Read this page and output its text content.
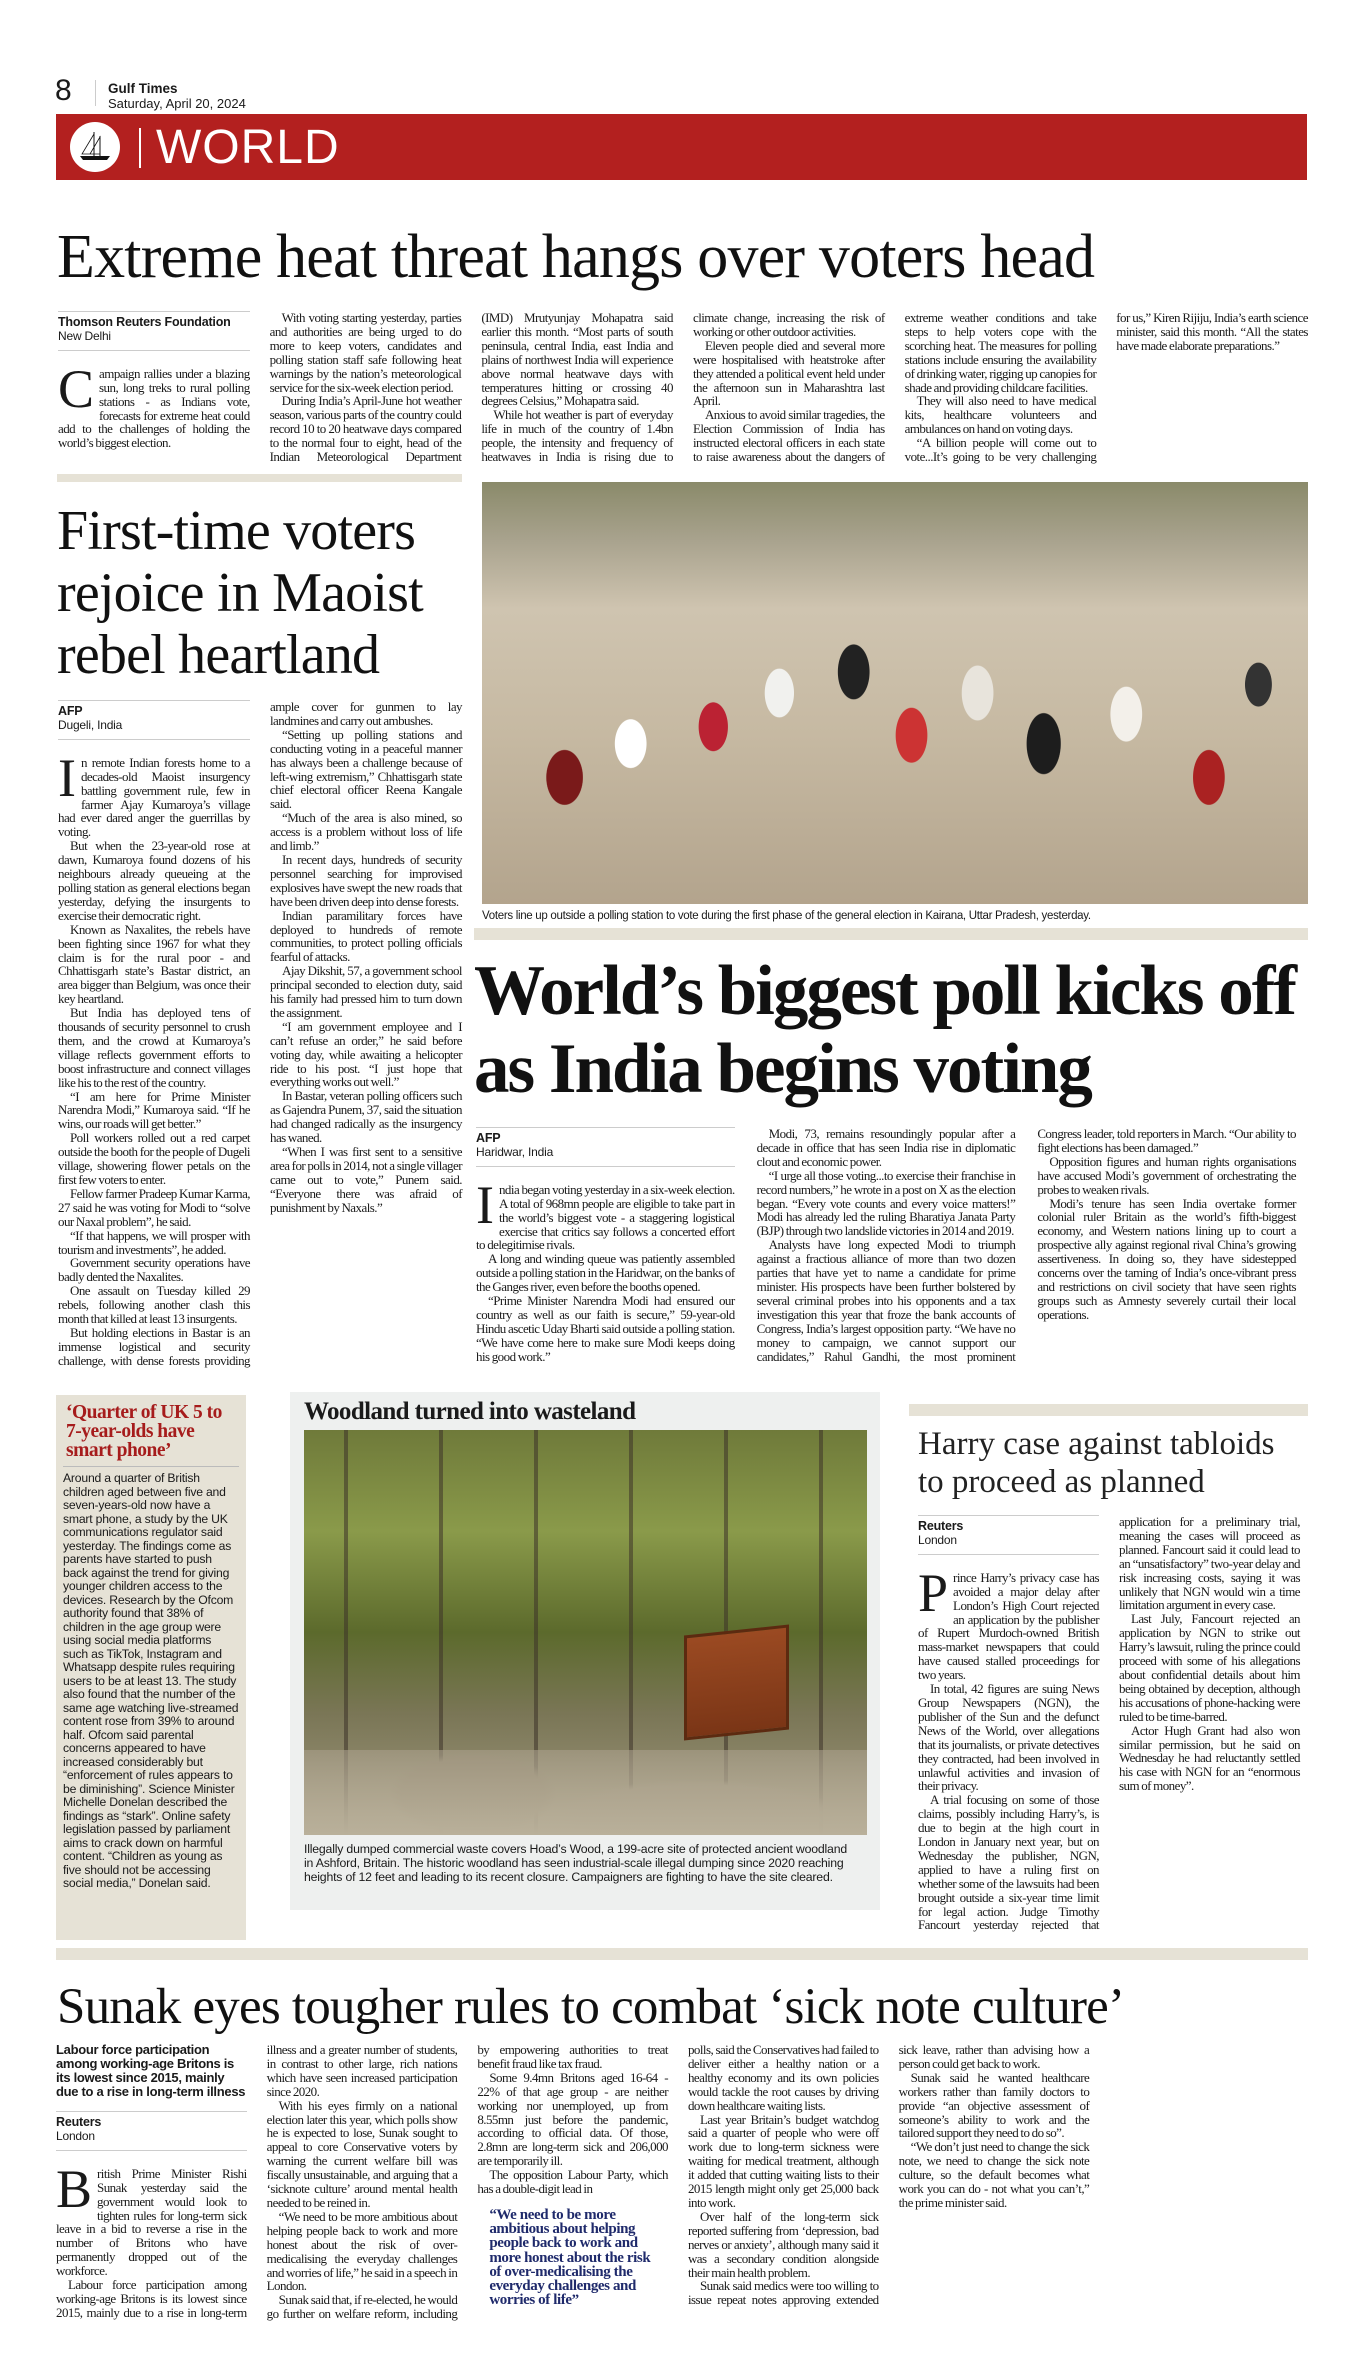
8	Gulf Times
Saturday, April 20, 2024
WORLD
Extreme heat threat hangs over voters head
Thomson Reuters Foundation
New Delhi

Campaign rallies under a blazing sun, long treks to rural polling stations - as Indians vote, forecasts for extreme heat could add to the challenges of holding the world’s biggest election.

With voting starting yesterday, parties and authorities are being urged to do more to keep voters, candidates and polling station staff safe following heat warnings by the nation’s meteorological service for the six-week election period.

During India’s April-June hot weather season, various parts of the country could record 10 to 20 heatwave days compared to the normal four to eight, head of the Indian Meteorological Department (IMD) Mrutyunjay Mohapatra said earlier this month. “Most parts of south peninsula, central India, east India and plains of northwest India will experience above normal heatwave days with temperatures hitting or crossing 40 degrees Celsius,” Mohapatra said.

While hot weather is part of everyday life in much of the country of 1.4bn people, the intensity and frequency of heatwaves in India is rising due to climate change, increasing the risk of working or other outdoor activities.

Eleven people died and several more were hospitalised with heatstroke after they attended a political event held under the afternoon sun in Maharashtra last April.

Anxious to avoid similar tragedies, the Election Commission of India has instructed electoral officers in each state to raise awareness about the dangers of extreme weather conditions and take steps to help voters cope with the scorching heat. The measures for polling stations include ensuring the availability of drinking water, rigging up canopies for shade and providing childcare facilities.

They will also need to have medical kits, healthcare volunteers and ambulances on hand on voting days.

“A billion people will come out to vote...It’s going to be very challenging for us,” Kiren Rijiju, India’s earth science minister, said this month. “All the states have made elaborate preparations.”

First-time voters rejoice in Maoist rebel heartland
AFP
Dugeli, India

In remote Indian forests home to a decades-old Maoist insurgency battling government rule, few in farmer Ajay Kumaroya’s village had ever dared anger the guerrillas by voting.

But when the 23-year-old rose at dawn, Kumaroya found dozens of his neighbours already queueing at the polling station as general elections began yesterday, defying the insurgents to exercise their democratic right.

Known as Naxalites, the rebels have been fighting since 1967 for what they claim is for the rural poor - and Chhattisgarh state’s Bastar district, an area bigger than Belgium, was once their key heartland.

But India has deployed tens of thousands of security personnel to crush them, and the crowd at Kumaroya’s village reflects government efforts to boost infrastructure and connect villages like his to the rest of the country.

“I am here for Prime Minister Narendra Modi,” Kumaroya said. “If he wins, our roads will get better.”

Poll workers rolled out a red carpet outside the booth for the people of Dugeli village, showering flower petals on the first few voters to enter.

Fellow farmer Pradeep Kumar Karma, 27 said he was voting for Modi to “solve our Naxal problem”, he said.

“If that happens, we will prosper with tourism and investments”, he added.

Government security operations have badly dented the Naxalites.

One assault on Tuesday killed 29 rebels, following another clash this month that killed at least 13 insurgents.

But holding elections in Bastar is an immense logistical and security challenge, with dense forests providing ample cover for gunmen to lay landmines and carry out ambushes.

“Setting up polling stations and conducting voting in a peaceful manner has always been a challenge because of left-wing extremism,” Chhattisgarh state chief electoral officer Reena Kangale said.

“Much of the area is also mined, so access is a problem without loss of life and limb.”

In recent days, hundreds of security personnel searching for improvised explosives have swept the new roads that have been driven deep into dense forests.

Indian paramilitary forces have deployed to hundreds of remote communities, to protect polling officials fearful of attacks.

Ajay Dikshit, 57, a government school principal seconded to election duty, said his family had pressed him to turn down the assignment.

“I am government employee and I can’t refuse an order,” he said before voting day, while awaiting a helicopter ride to his post. “I just hope that everything works out well.”

In Bastar, veteran polling officers such as Gajendra Punem, 37, said the situation had changed radically as the insurgency has waned.

“When I was first sent to a sensitive area for polls in 2014, not a single villager came out to vote,” Punem said. “Everyone there was afraid of punishment by Naxals.”

Voters line up outside a polling station to vote during the first phase of the general election in Kairana, Uttar Pradesh, yesterday.
World’s biggest poll kicks off as India begins voting
AFP
Haridwar, India

India began voting yesterday in a six-week election. A total of 968mn people are eligible to take part in the world’s biggest vote - a staggering logistical exercise that critics say follows a concerted effort to delegitimise rivals.

A long and winding queue was patiently assembled outside a polling station in the Haridwar, on the banks of the Ganges river, even before the booths opened.

“Prime Minister Narendra Modi had ensured our country as well as our faith is secure,” 59-year-old Hindu ascetic Uday Bharti said outside a polling station. “We have come here to make sure Modi keeps doing his good work.”

Modi, 73, remains resoundingly popular after a decade in office that has seen India rise in diplomatic clout and economic power.

“I urge all those voting...to exercise their franchise in record numbers,” he wrote in a post on X as the election began. “Every vote counts and every voice matters!” Modi has already led the ruling Bharatiya Janata Party (BJP) through two landslide victories in 2014 and 2019.

Analysts have long expected Modi to triumph against a fractious alliance of more than two dozen parties that have yet to name a candidate for prime minister. His prospects have been further bolstered by several criminal probes into his opponents and a tax investigation this year that froze the bank accounts of Congress, India’s largest opposition party. “We have no money to campaign, we cannot support our candidates,” Rahul Gandhi, the most prominent Congress leader, told reporters in March. “Our ability to fight elections has been damaged.”

Opposition figures and human rights organisations have accused Modi’s government of orchestrating the probes to weaken rivals.

Modi’s tenure has seen India overtake former colonial ruler Britain as the world’s fifth-biggest economy, and Western nations lining up to court a prospective ally against regional rival China’s growing assertiveness. In doing so, they have sidestepped concerns over the taming of India’s once-vibrant press and restrictions on civil society that have seen rights groups such as Amnesty severely curtail their local operations.

‘Quarter of UK 5 to 7-year-olds have smart phone’
Around a quarter of British children aged between five and seven-years-old now have a smart phone, a study by the UK communications regulator said yesterday. The findings come as parents have started to push back against the trend for giving younger children access to the devices. Research by the Ofcom authority found that 38% of children in the age group were using social media platforms such as TikTok, Instagram and Whatsapp despite rules requiring users to be at least 13. The study also found that the number of the same age watching live-streamed content rose from 39% to around half. Ofcom said parental concerns appeared to have increased considerably but “enforcement of rules appears to be diminishing”. Science Minister Michelle Donelan described the findings as “stark”. Online safety legislation passed by parliament aims to crack down on harmful content. “Children as young as five should not be accessing social media,” Donelan said.
Woodland turned into wasteland
Illegally dumped commercial waste covers Hoad’s Wood, a 199-acre site of protected ancient woodland in Ashford, Britain. The historic woodland has seen industrial-scale illegal dumping since 2020 reaching heights of 12 feet and leading to its recent closure. Campaigners are fighting to have the site cleared.
Harry case against tabloids to proceed as planned
Reuters
London

Prince Harry’s privacy case has avoided a major delay after London’s High Court rejected an application by the publisher of Rupert Murdoch-owned British mass-market newspapers that could have caused stalled proceedings for two years.

In total, 42 figures are suing News Group Newspapers (NGN), the publisher of the Sun and the defunct News of the World, over allegations that its journalists, or private detectives they contracted, had been involved in unlawful activities and invasion of their privacy.

A trial focusing on some of those claims, possibly including Harry’s, is due to begin at the high court in London in January next year, but on Wednesday the publisher, NGN, applied to have a ruling first on whether some of the lawsuits had been brought outside a six-year time limit for legal action. Judge Timothy Fancourt yesterday rejected that application for a preliminary trial, meaning the cases will proceed as planned. Fancourt said it could lead to an “unsatisfactory” two-year delay and risk increasing costs, saying it was unlikely that NGN would win a time limitation argument in every case.

Last July, Fancourt rejected an application by NGN to strike out Harry’s lawsuit, ruling the prince could proceed with some of his allegations about confidential details about him being obtained by deception, although his accusations of phone-hacking were ruled to be time-barred.

Actor Hugh Grant had also won similar permission, but he said on Wednesday he had reluctantly settled his case with NGN for an “enormous sum of money”.

Sunak eyes tougher rules to combat ‘sick note culture’
Labour force participation among working-age Britons is its lowest since 2015, mainly due to a rise in long-term illness
Reuters
London

British Prime Minister Rishi Sunak yesterday said the government would look to tighten rules for long-term sick leave in a bid to reverse a rise in the number of Britons who have permanently dropped out of the workforce.

Labour force participation among working-age Britons is its lowest since 2015, mainly due to a rise in long-term illness and a greater number of students, in contrast to other large, rich nations which have seen increased participation since 2020.

With his eyes firmly on a national election later this year, which polls show he is expected to lose, Sunak sought to appeal to core Conservative voters by warning the current welfare bill was fiscally unsustainable, and arguing that a ‘sicknote culture’ around mental health needed to be reined in.

“We need to be more ambitious about helping people back to work and more honest about the risk of over-medicalising the everyday challenges and worries of life,” he said in a speech in London.

Sunak said that, if re-elected, he would go further on welfare reform, including by empowering authorities to treat benefit fraud like tax fraud.

Some 9.4mn Britons aged 16-64 - 22% of that age group - are neither working nor unemployed, up from 8.55mn just before the pandemic, according to official data. Of those, 2.8mn are long-term sick and 206,000 are temporarily ill.

The opposition Labour Party, which has a double-digit lead in

“We need to be more ambitious about helping people back to work and more honest about the risk of over-medicalising the everyday challenges and worries of life”

polls, said the Conservatives had failed to deliver either a healthy nation or a healthy economy and its own policies would tackle the root causes by driving down healthcare waiting lists.

Last year Britain’s budget watchdog said a quarter of people who were off work due to long-term sickness were waiting for medical treatment, although it added that cutting waiting lists to their 2015 length might only get 25,000 back into work.

Over half of the long-term sick reported suffering from ‘depression, bad nerves or anxiety’, although many said it was a secondary condition alongside their main health problem.

Sunak said medics were too willing to issue repeat notes approving extended sick leave, rather than advising how a person could get back to work.

Sunak said he wanted healthcare workers rather than family doctors to provide “an objective assessment of someone’s ability to work and the tailored support they need to do so”.

“We don’t just need to change the sick note, we need to change the sick note culture, so the default becomes what work you can do - not what you can’t,” the prime minister said.
